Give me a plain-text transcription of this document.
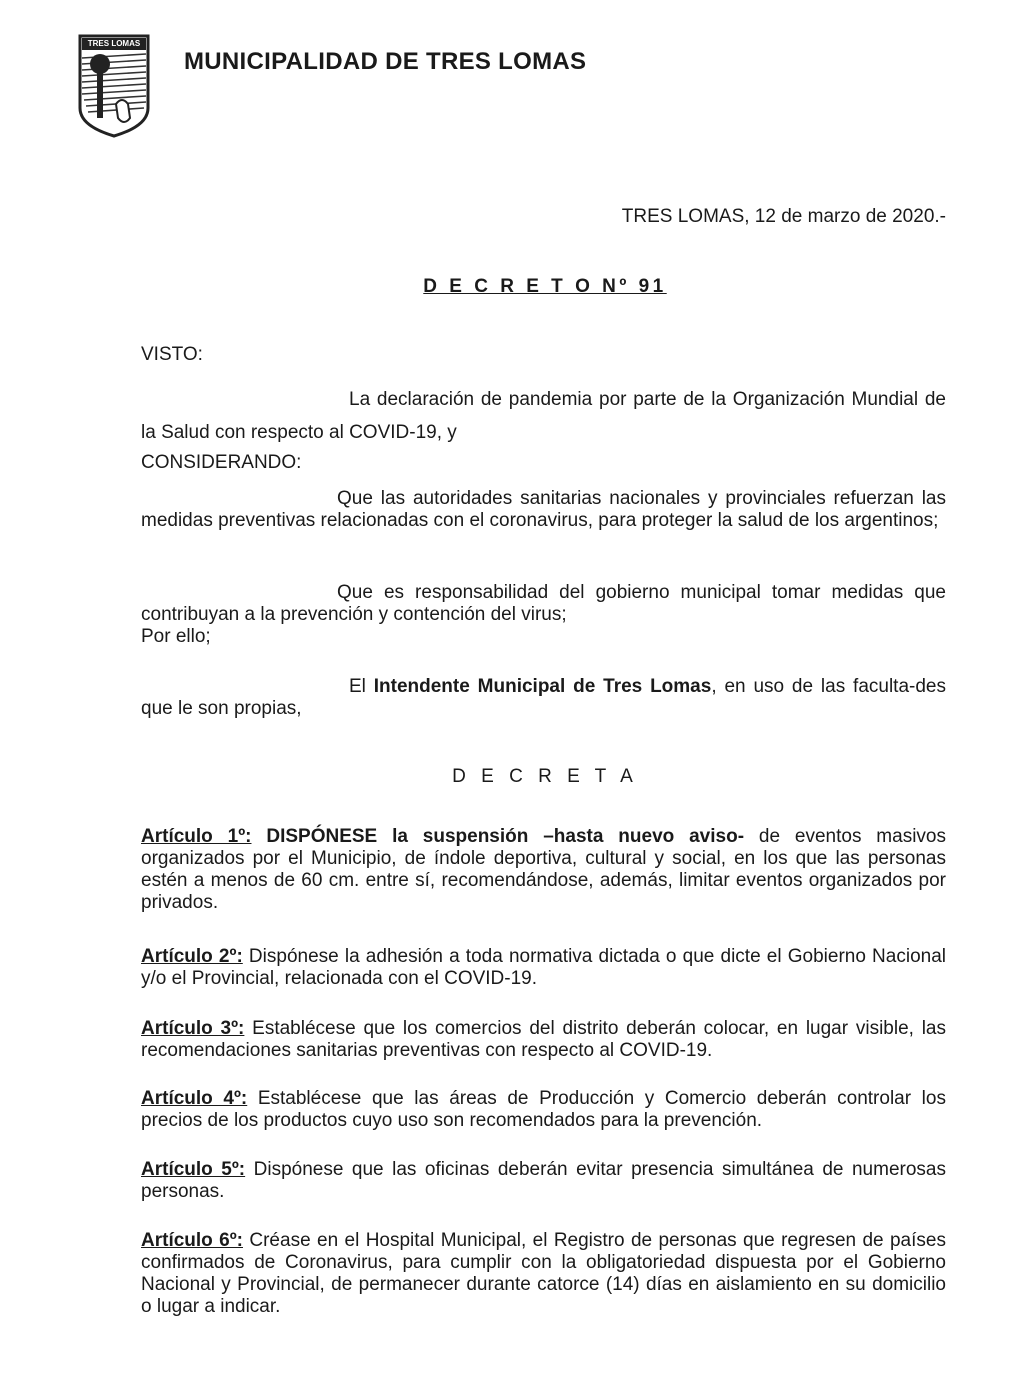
TRES LOMAS
MUNICIPALIDAD DE TRES LOMAS
TRES LOMAS, 12 de marzo de 2020.-
D E C R E T O Nº 91
VISTO:
La declaración de pandemia por parte de la Organización Mundial de la Salud con respecto al COVID-19, y
CONSIDERANDO:
Que las autoridades sanitarias nacionales y provinciales refuerzan las medidas preventivas relacionadas con el coronavirus, para proteger la salud de los argentinos;
Que es responsabilidad del gobierno municipal tomar medidas que contribuyan a la prevención y contención del virus;
Por ello;
El Intendente Municipal de Tres Lomas, en uso de las faculta-des que le son propias,
D E C R E T A
Artículo 1º: DISPÓNESE la suspensión –hasta nuevo aviso- de eventos masivos organizados por el Municipio, de índole deportiva, cultural y social, en los que las personas estén a menos de 60 cm. entre sí, recomendándose, además, limitar eventos organizados por privados.
Artículo 2º: Dispónese la adhesión a toda normativa dictada o que dicte el Gobierno Nacional y/o el Provincial, relacionada con el COVID-19.
Artículo 3º: Establécese que los comercios del distrito deberán colocar, en lugar visible, las recomendaciones sanitarias preventivas con respecto al COVID-19.
Artículo 4º: Establécese que las áreas de Producción y Comercio deberán controlar los precios de los productos cuyo uso son recomendados para la prevención.
Artículo 5º: Dispónese que las oficinas deberán evitar presencia simultánea de numerosas personas.
Artículo 6º: Créase en el Hospital Municipal, el Registro de personas que regresen de países confirmados de Coronavirus, para cumplir con la obligatoriedad dispuesta por el Gobierno Nacional y Provincial, de permanecer durante catorce (14) días en aislamiento en su domicilio o lugar a indicar.
